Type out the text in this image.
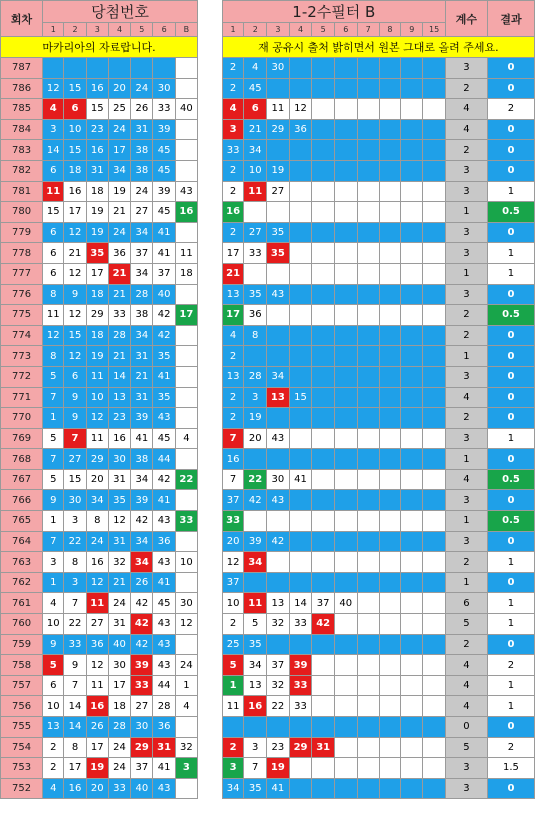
회차	당첨번호								1-2수필터 B										계수	결과
	1	2	3	4	5	6	B		1	2	3	4	5	6	7	8	9	15		
마카리아의 자료랍니다.									재 공유시 출처 밝히면서 원본 그대로 올려 주세요.											
787									2	4	30								3	0
786	12	15	16	20	24	30	38		2	45									2	0
785	4	6	15	25	26	33	40		4	6	11	12							4	2
784	3	10	23	24	31	39	22		3	21	29	36							4	0
783	14	15	16	17	38	45	36		33	34									2	0
782	6	18	31	34	38	45	20		2	10	19								3	0
781	11	16	18	19	24	39	43		2	11	27								3	1
780	15	17	19	21	27	45	16		16										1	0.5
779	6	12	19	24	34	41	4		2	27	35								3	0
778	6	21	35	36	37	41	11		17	33	35								3	1
777	6	12	17	21	34	37	18		21										1	1
776	8	9	18	21	28	40	20		13	35	43								3	0
775	11	12	29	33	38	42	17		17	36									2	0.5
774	12	15	18	28	34	42	9		4	8									2	0
773	8	12	19	21	31	35	44		2										1	0
772	5	6	11	14	21	41	32		13	28	34								3	0
771	7	9	10	13	31	35	24		2	3	13	15							4	0
770	1	9	12	23	39	43	34		2	19									2	0
769	5	7	11	16	41	45	4		7	20	43								3	1
768	7	27	29	30	38	44	4		16										1	0
767	5	15	20	31	34	42	22		7	22	30	41							4	0.5
766	9	30	34	35	39	41	21		37	42	43								3	0
765	1	3	8	12	42	43	33		33										1	0.5
764	7	22	24	31	34	36	15		20	39	42								3	0
763	3	8	16	32	34	43	10		12	34									2	1
762	1	3	12	21	26	41	16		37										1	0
761	4	7	11	24	42	45	30		10	11	13	14	37	40					6	1
760	10	22	27	31	42	43	12		2	5	32	33	42						5	1
759	9	33	36	40	42	43	32		25	35									2	0
758	5	9	12	30	39	43	24		5	34	37	39							4	2
757	6	7	11	17	33	44	1		1	13	32	33							4	1
756	10	14	16	18	27	28	4		11	16	22	33							4	1
755	13	14	26	28	30	36	37												0	0
754	2	8	17	24	29	31	32		2	3	23	29	31						5	2
753	2	17	19	24	37	41	3		3	7	19								3	1.5
752	4	16	20	33	40	43	7		34	35	41								3	0
